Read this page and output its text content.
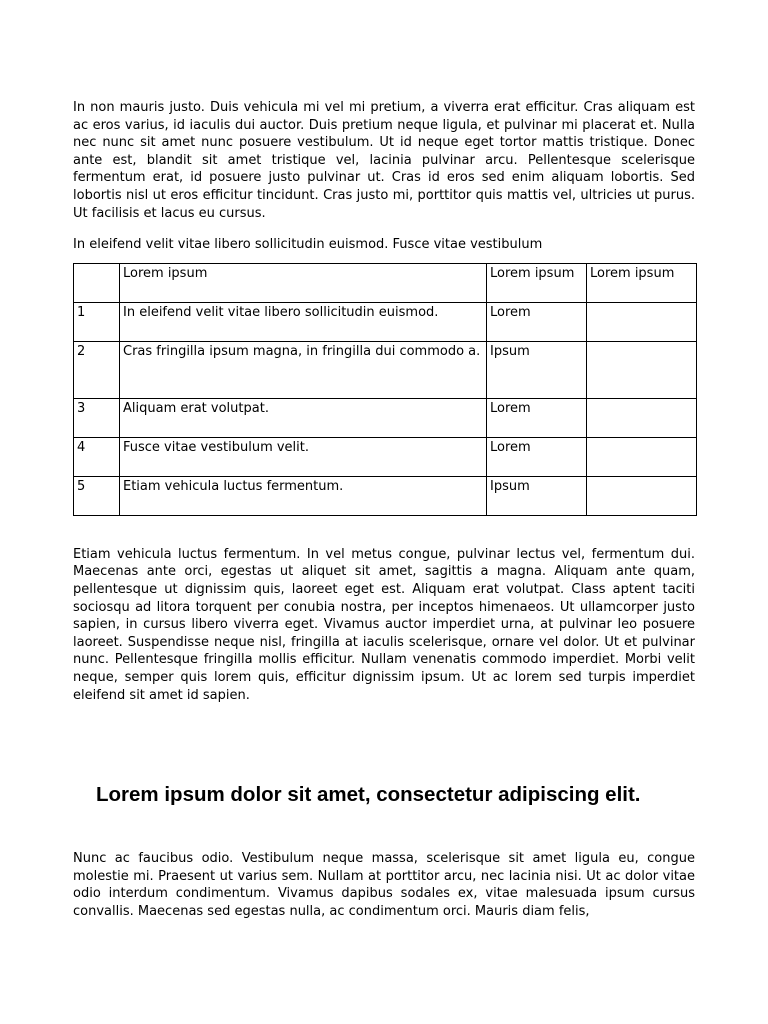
In non mauris justo. Duis vehicula mi vel mi pretium, a viverra erat efficitur. Cras aliquam est ac eros varius, id iaculis dui auctor. Duis pretium neque ligula, et pulvinar mi placerat et. Nulla nec nunc sit amet nunc posuere vestibulum. Ut id neque eget tortor mattis tristique. Donec ante est, blandit sit amet tristique vel, lacinia pulvinar arcu. Pellentesque scelerisque fermentum erat, id posuere justo pulvinar ut. Cras id eros sed enim aliquam lobortis. Sed lobortis nisl ut eros efficitur tincidunt. Cras justo mi, porttitor quis mattis vel, ultricies ut purus. Ut facilisis et lacus eu cursus.

In eleifend velit vitae libero sollicitudin euismod. Fusce vitae vestibulum

	Lorem ipsum	Lorem ipsum	Lorem ipsum
1	In eleifend velit vitae libero sollicitudin euismod.	Lorem	
2	Cras fringilla ipsum magna, in fringilla dui commodo a.	Ipsum	
3	Aliquam erat volutpat.	Lorem	
4	Fusce vitae vestibulum velit.	Lorem	
5	Etiam vehicula luctus fermentum.	Ipsum	

Etiam vehicula luctus fermentum. In vel metus congue, pulvinar lectus vel, fermentum dui. Maecenas ante orci, egestas ut aliquet sit amet, sagittis a magna. Aliquam ante quam, pellentesque ut dignissim quis, laoreet eget est. Aliquam erat volutpat. Class aptent taciti sociosqu ad litora torquent per conubia nostra, per inceptos himenaeos. Ut ullamcorper justo sapien, in cursus libero viverra eget. Vivamus auctor imperdiet urna, at pulvinar leo posuere laoreet. Suspendisse neque nisl, fringilla at iaculis scelerisque, ornare vel dolor. Ut et pulvinar nunc. Pellentesque fringilla mollis efficitur. Nullam venenatis commodo imperdiet. Morbi velit neque, semper quis lorem quis, efficitur dignissim ipsum. Ut ac lorem sed turpis imperdiet eleifend sit amet id sapien.

Lorem ipsum dolor sit amet, consectetur adipiscing elit.

Nunc ac faucibus odio. Vestibulum neque massa, scelerisque sit amet ligula eu, congue molestie mi. Praesent ut varius sem. Nullam at porttitor arcu, nec lacinia nisi. Ut ac dolor vitae odio interdum condimentum. Vivamus dapibus sodales ex, vitae malesuada ipsum cursus convallis. Maecenas sed egestas nulla, ac condimentum orci. Mauris diam felis,
